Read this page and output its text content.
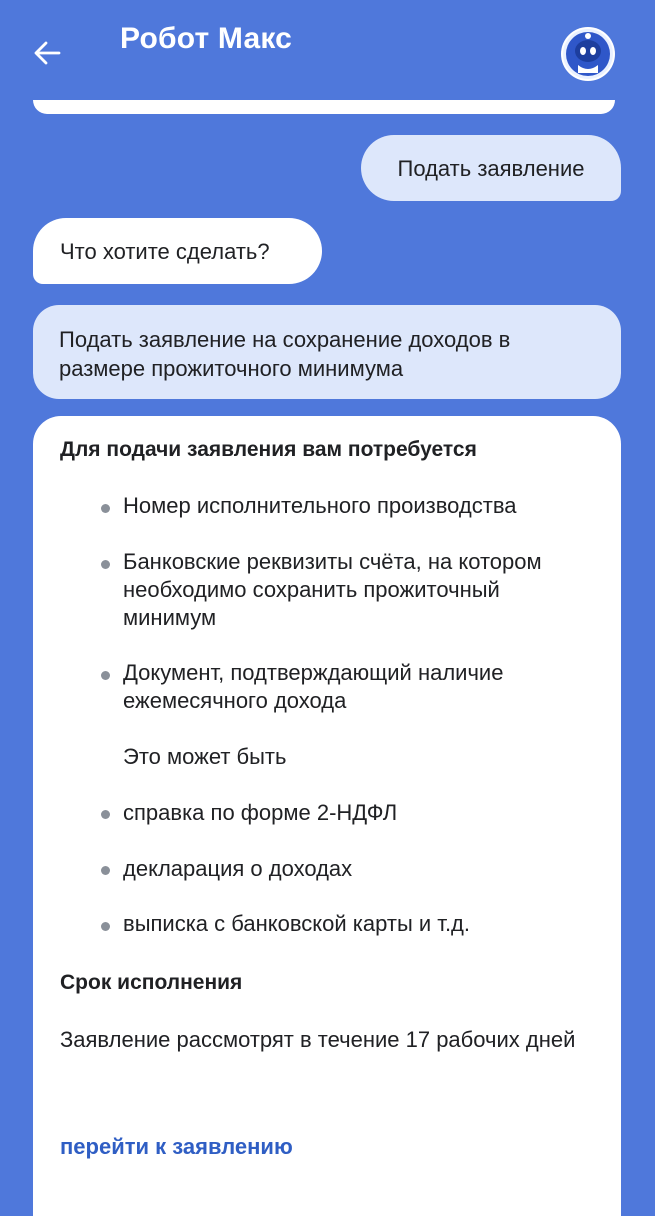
Робот Макс
Подать заявление
Что хотите сделать?
Подать заявление на сохранение доходов в размере прожиточного минимума
Для подачи заявления вам потребуется
Номер исполнительного производства
Банковские реквизиты счёта, на котором необходимо сохранить прожиточный минимум
Документ, подтверждающий наличие ежемесячного дохода
Это может быть
справка по форме 2-НДФЛ
декларация о доходах
выписка с банковской карты и т.д.
Срок исполнения
Заявление рассмотрят в течение 17 рабочих дней
перейти к заявлению
